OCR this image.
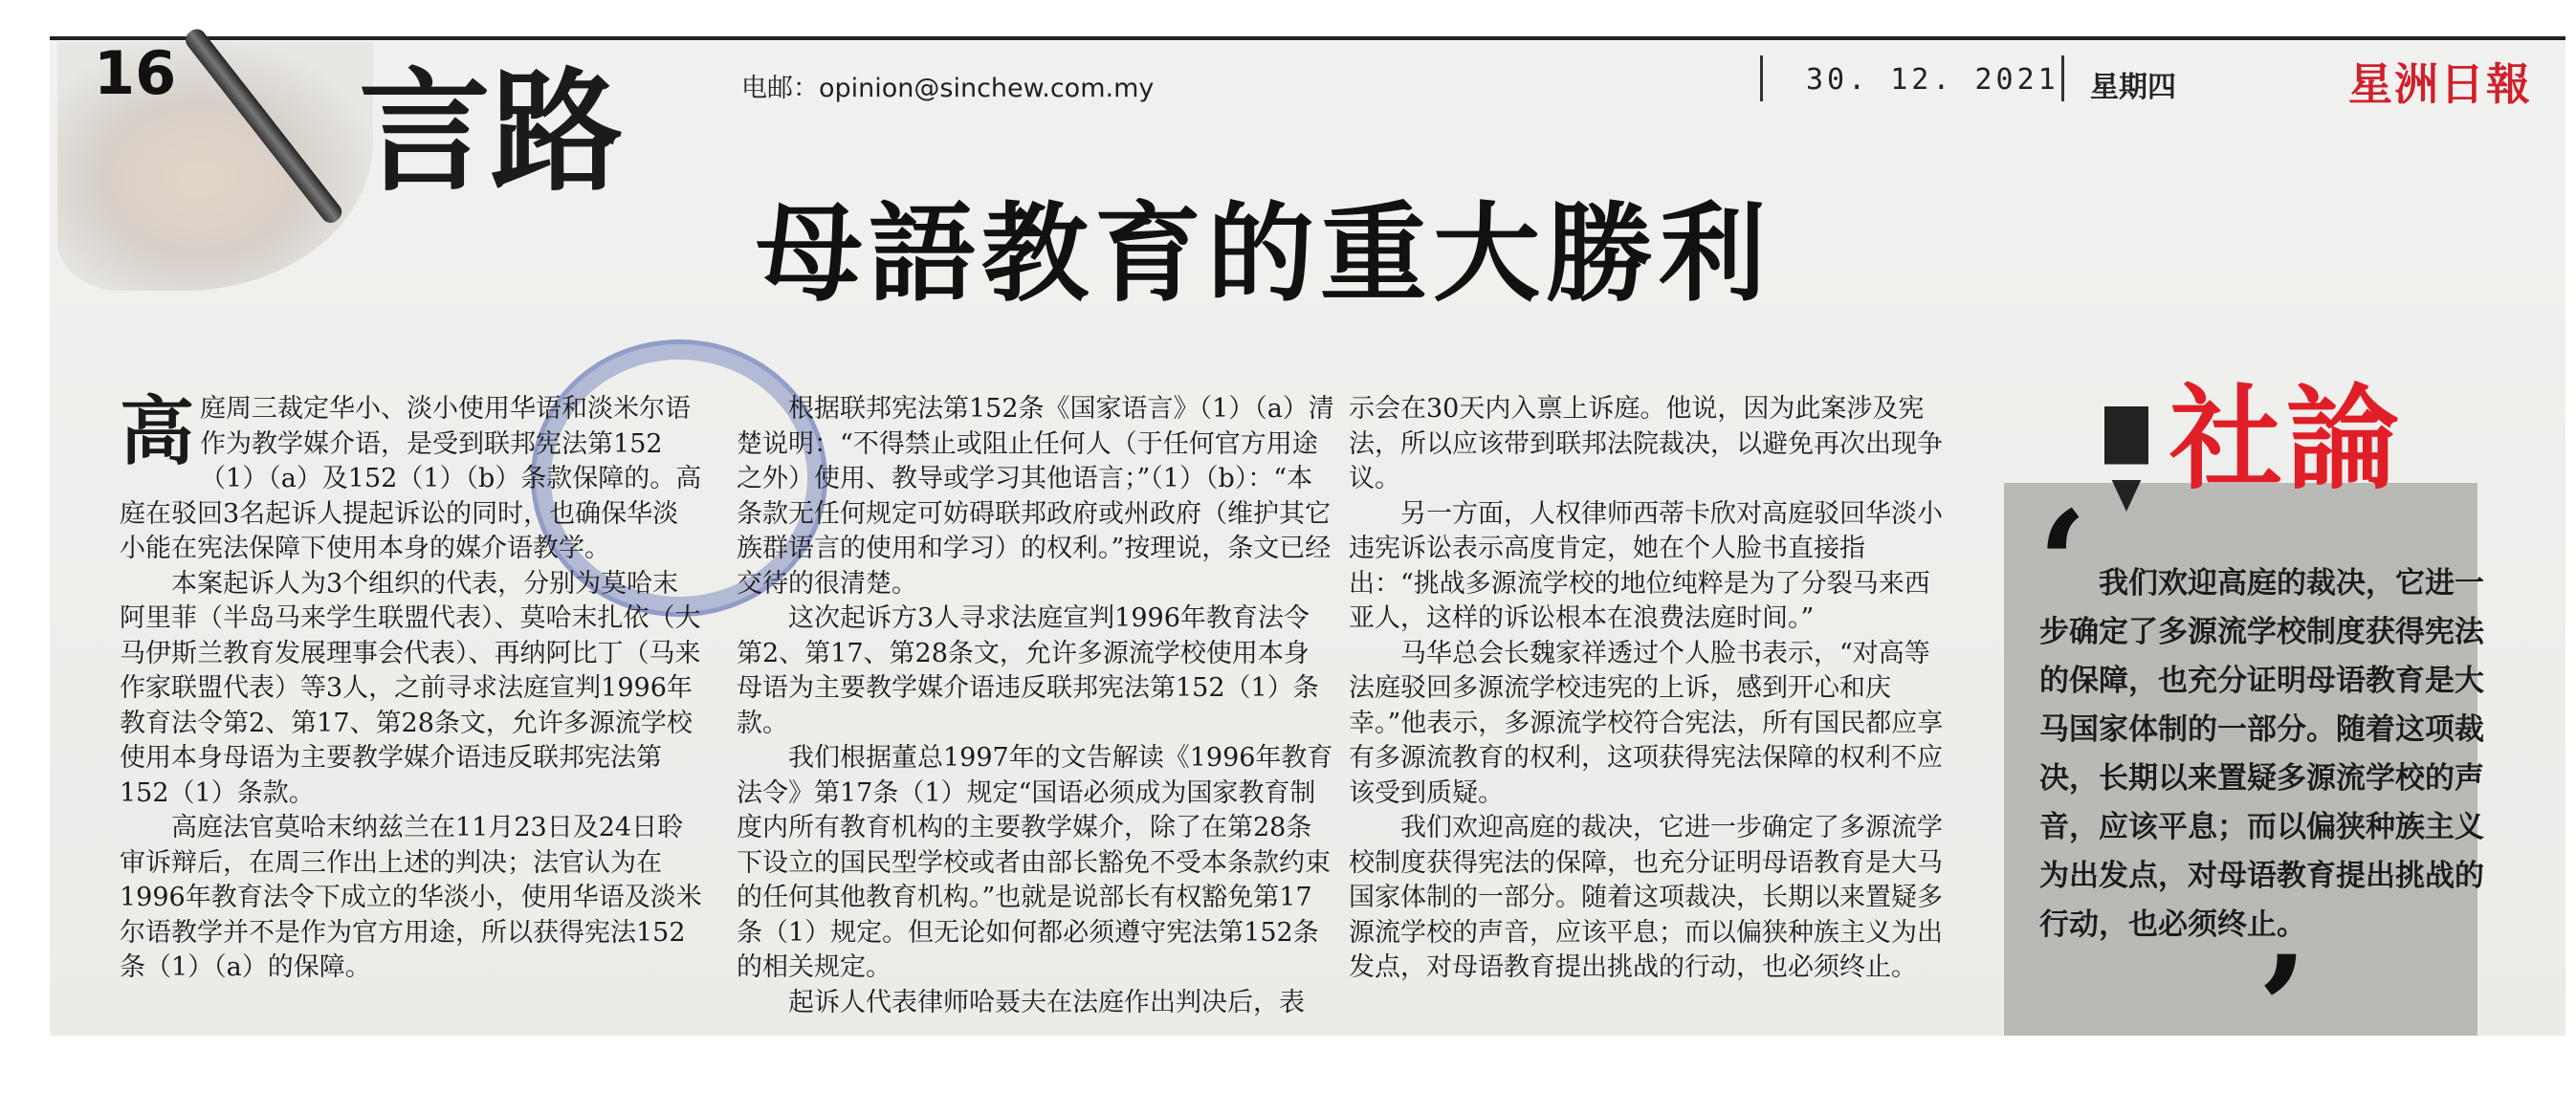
16 言路	电邮：opinion@sinchew.com.my	30. 12. 2021 星期四	星洲日報
母語教育的重大勝利

高庭周三裁定华小、淡小使用华语和淡米尔语作为教学媒介语，是受到联邦宪法第152（1）（a）及152（1）（b）条款保障的。高庭在驳回3名起诉人提起诉讼的同时，也确保华淡小能在宪法保障下使用本身的媒介语教学。

本案起诉人为3个组织的代表，分别为莫哈末阿里菲（半岛马来学生联盟代表）、莫哈末扎依（大马伊斯兰教育发展理事会代表）、再纳阿比丁（马来作家联盟代表）等3人，之前寻求法庭宣判1996年教育法令第2、第17、第28条文，允许多源流学校使用本身母语为主要教学媒介语违反联邦宪法第152（1）条款。

高庭法官莫哈末纳兹兰在11月23日及24日聆审诉辩后，在周三作出上述的判决；法官认为在1996年教育法令下成立的华淡小，使用华语及淡米尔语教学并不是作为官方用途，所以获得宪法152条（1）（a）的保障。

根据联邦宪法第152条《国家语言》（1）（a）清楚说明：“不得禁止或阻止任何人（于任何官方用途之外）使用、教导或学习其他语言；”（1）（b）：“本条款无任何规定可妨碍联邦政府或州政府（维护其它族群语言的使用和学习）的权利。”按理说，条文已经交待的很清楚。

这次起诉方3人寻求法庭宣判1996年教育法令第2、第17、第28条文，允许多源流学校使用本身母语为主要教学媒介语违反联邦宪法第152（1）条款。

我们根据董总1997年的文告解读《1996年教育法令》第17条（1）规定“国语必须成为国家教育制度内所有教育机构的主要教学媒介，除了在第28条下设立的国民型学校或者由部长豁免不受本条款约束的任何其他教育机构。”也就是说部长有权豁免第17条（1）规定。但无论如何都必须遵守宪法第152条的相关规定。

起诉人代表律师哈聂夫在法庭作出判决后，表

示会在30天内入禀上诉庭。他说，因为此案涉及宪法，所以应该带到联邦法院裁决，以避免再次出现争议。

另一方面，人权律师西蒂卡欣对高庭驳回华淡小违宪诉讼表示高度肯定，她在个人脸书直接指出：“挑战多源流学校的地位纯粹是为了分裂马来西亚人，这样的诉讼根本在浪费法庭时间。”

马华总会长魏家祥透过个人脸书表示，“对高等法庭驳回多源流学校违宪的上诉，感到开心和庆幸。”他表示，多源流学校符合宪法，所有国民都应享有多源流教育的权利，这项获得宪法保障的权利不应该受到质疑。

我们欢迎高庭的裁决，它进一步确定了多源流学校制度获得宪法的保障，也充分证明母语教育是大马国家体制的一部分。随着这项裁决，长期以来置疑多源流学校的声音，应该平息；而以偏狭种族主义为出发点，对母语教育提出挑战的行动，也必须终止。

社論
‘ 我们欢迎高庭的裁决，它进一步确定了多源流学校制度获得宪法的保障，也充分证明母语教育是大马国家体制的一部分。随着这项裁决，长期以来置疑多源流学校的声音，应该平息；而以偏狭种族主义为出发点，对母语教育提出挑战的行动，也必须终止。
’
